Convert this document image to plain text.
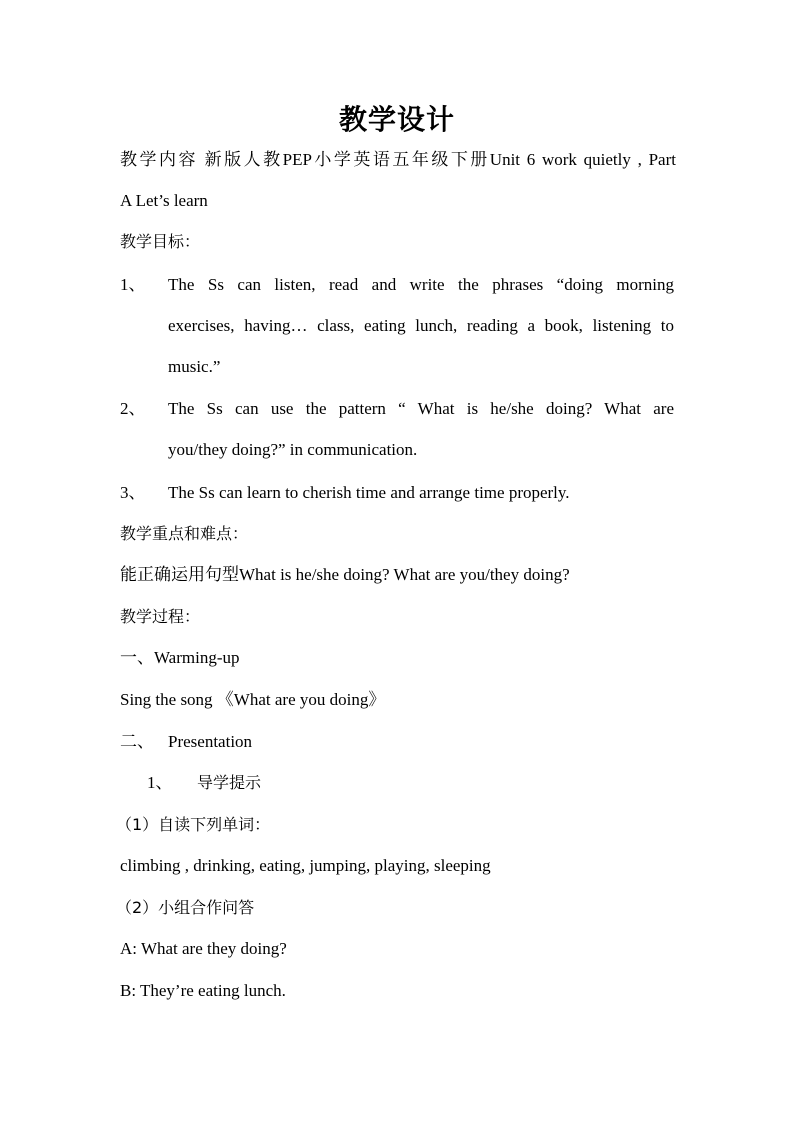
教学设计
教学内容 新版人教PEP小学英语五年级下册Unit 6 work quietly , Part
A Let’s learn
教学目标：
1、 The Ss can listen, read and write the phrases “doing morning
exercises, having… class, eating lunch, reading a book, listening to
music.”
2、 The Ss can use the pattern “ What is he/she doing? What are
you/they doing?” in communication.
3、 The Ss can learn to cherish time and arrange time properly.
教学重点和难点：
能正确运用句型What is he/she doing? What are you/they doing?
教学过程：
一、Warming-up
Sing the song 《What are you doing》
二、 Presentation
1、 导学提示
（1）自读下列单词：
climbing , drinking, eating, jumping, playing, sleeping
（2）小组合作问答
A: What are they doing?
B: They’re eating lunch.
